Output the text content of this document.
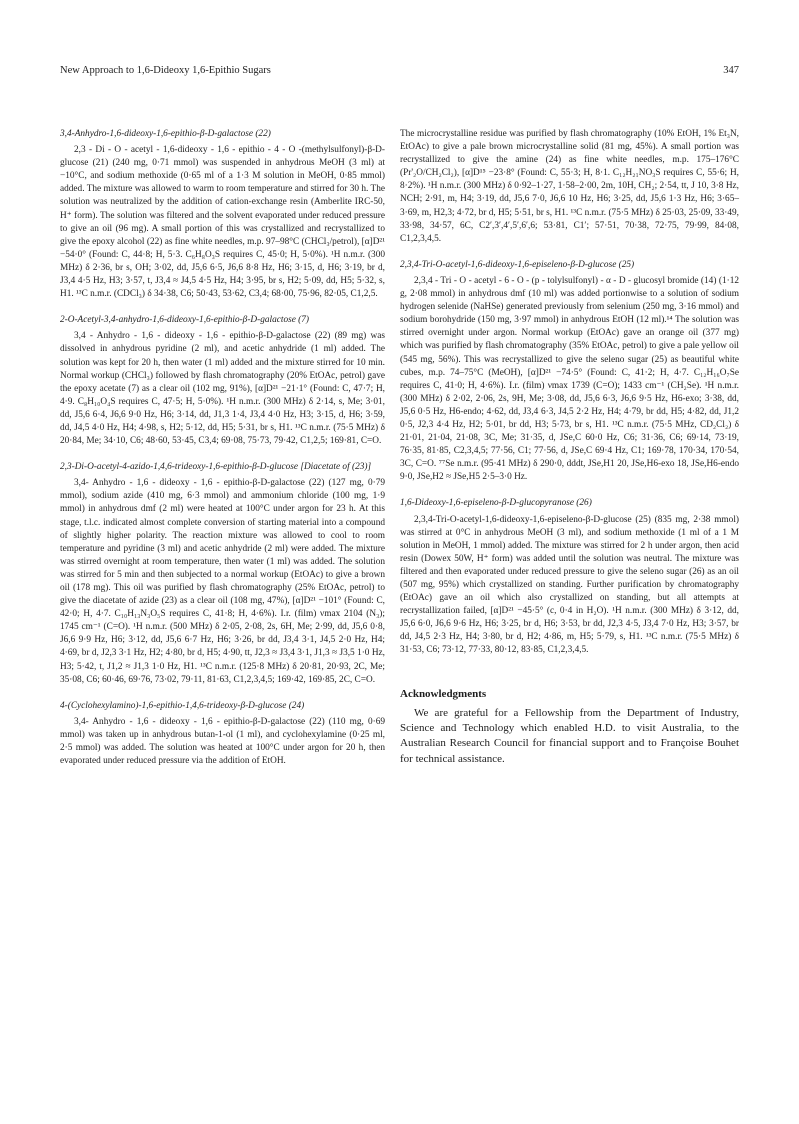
New Approach to 1,6-Dideoxy 1,6-Epithio Sugars	347

3,4-Anhydro-1,6-dideoxy-1,6-epithio-β-D-galactose (22)

2,3 - Di - O - acetyl - 1,6-dideoxy - 1,6 - epithio - 4 - O -(methylsulfonyl)-β-D-glucose (21) (240 mg, 0·71 mmol) was suspended in anhydrous MeOH (3 ml) at −10°C, and sodium methoxide (0·65 ml of a 1·3 M solution in MeOH, 0·85 mmol) added. The mixture was allowed to warm to room temperature and stirred for 30 h. The solution was neutralized by the addition of cation-exchange resin (Amberlite IRC-50, H⁺ form). The solution was filtered and the solvent evaporated under reduced pressure to give an oil (96 mg). A small portion of this was crystallized and recrystallized to give the epoxy alcohol (22) as fine white needles, m.p. 97–98°C (CHCl₃/petrol), [α]D²¹ −54·0° (Found: C, 44·8; H, 5·3. C₆H₈O₃S requires C, 45·0; H, 5·0%). ¹H n.m.r. (300 MHz) δ 2·36, br s, OH; 3·02, dd, J5,6 6·5, J6,6 8·8 Hz, H6; 3·15, d, H6; 3·19, br d, J3,4 4·5 Hz, H3; 3·57, t, J3,4 ≈ J4,5 4·5 Hz, H4; 3·95, br s, H2; 5·09, dd, H5; 5·32, s, H1. ¹³C n.m.r. (CDCl₃) δ 34·38, C6; 50·43, 53·62, C3,4; 68·00, 75·96, 82·05, C1,2,5.

2-O-Acetyl-3,4-anhydro-1,6-dideoxy-1,6-epithio-β-D-galactose (7)

3,4 - Anhydro - 1,6 - dideoxy - 1,6 - epithio-β-D-galactose (22) (89 mg) was dissolved in anhydrous pyridine (2 ml), and acetic anhydride (1 ml) added. The solution was kept for 20 h, then water (1 ml) added and the mixture stirred for 10 min. Normal workup (CHCl₃) followed by flash chromatography (20% EtOAc, petrol) gave the epoxy acetate (7) as a clear oil (102 mg, 91%), [α]D²¹ −21·1° (Found: C, 47·7; H, 4·9. C₈H₁₀O₄S requires C, 47·5; H, 5·0%). ¹H n.m.r. (300 MHz) δ 2·14, s, Me; 3·01, dd, J5,6 6·4, J6,6 9·0 Hz, H6; 3·14, dd, J1,3 1·4, J3,4 4·0 Hz, H3; 3·15, d, H6; 3·59, dd, J4,5 4·0 Hz, H4; 4·98, s, H2; 5·12, dd, H5; 5·31, br s, H1. ¹³C n.m.r. (75·5 MHz) δ 20·84, Me; 34·10, C6; 48·60, 53·45, C3,4; 69·08, 75·73, 79·42, C1,2,5; 169·81, C=O.

2,3-Di-O-acetyl-4-azido-1,4,6-trideoxy-1,6-epithio-β-D-glucose [Diacetate of (23)]

3,4- Anhydro - 1,6 - dideoxy - 1,6 - epithio-β-D-galactose (22) (127 mg, 0·79 mmol), sodium azide (410 mg, 6·3 mmol) and ammonium chloride (100 mg, 1·9 mmol) in anhydrous dmf (2 ml) were heated at 100°C under argon for 23 h. At this stage, t.l.c. indicated almost complete conversion of starting material into a compound of slightly higher polarity. The reaction mixture was allowed to cool to room temperature and pyridine (3 ml) and acetic anhydride (2 ml) were added. The mixture was stirred overnight at room temperature, then water (1 ml) was added. The solution was stirred for 5 min and then subjected to a normal workup (EtOAc) to give a brown oil (178 mg). This oil was purified by flash chromatography (25% EtOAc, petrol) to give the diacetate of azide (23) as a clear oil (108 mg, 47%), [α]D²¹ −101° (Found: C, 42·0; H, 4·7. C₁₀H₁₃N₃O₅S requires C, 41·8; H, 4·6%). I.r. (film) νmax 2104 (N₃); 1745 cm⁻¹ (C=O). ¹H n.m.r. (500 MHz) δ 2·05, 2·08, 2s, 6H, Me; 2·99, dd, J5,6 0·8, J6,6 9·9 Hz, H6; 3·12, dd, J5,6 6·7 Hz, H6; 3·26, br dd, J3,4 3·1, J4,5 2·0 Hz, H4; 4·69, br d, J2,3 3·1 Hz, H2; 4·80, br d, H5; 4·90, tt, J2,3 ≈ J3,4 3·1, J1,3 ≈ J3,5 1·0 Hz, H3; 5·42, t, J1,2 ≈ J1,3 1·0 Hz, H1. ¹³C n.m.r. (125·8 MHz) δ 20·81, 20·93, 2C, Me; 35·08, C6; 60·46, 69·76, 73·02, 79·11, 81·63, C1,2,3,4,5; 169·42, 169·85, 2C, C=O.

4-(Cyclohexylamino)-1,6-epithio-1,4,6-trideoxy-β-D-glucose (24)

3,4- Anhydro - 1,6 - dideoxy - 1,6 - epithio-β-D-galactose (22) (110 mg, 0·69 mmol) was taken up in anhydrous butan-1-ol (1 ml), and cyclohexylamine (0·25 ml, 2·5 mmol) was added. The solution was heated at 100°C under argon for 20 h, then evaporated under reduced pressure via the addition of EtOH.

The microcrystalline residue was purified by flash chromatography (10% EtOH, 1% Et₃N, EtOAc) to give a pale brown microcrystalline solid (81 mg, 45%). A small portion was recrystallized to give the amine (24) as fine white needles, m.p. 175–176°C (Pr'₂O/CH₂Cl₂), [α]D¹⁵ −23·8° (Found: C, 55·3; H, 8·1. C₁₂H₂₁NO₃S requires C, 55·6; H, 8·2%). ¹H n.m.r. (300 MHz) δ 0·92–1·27, 1·58–2·00, 2m, 10H, CH₂; 2·54, tt, J 10, 3·8 Hz, NCH; 2·91, m, H4; 3·19, dd, J5,6 7·0, J6,6 10 Hz, H6; 3·25, dd, J5,6 1·3 Hz, H6; 3·65–3·69, m, H2,3; 4·72, br d, H5; 5·51, br s, H1. ¹³C n.m.r. (75·5 MHz) δ 25·03, 25·09, 33·49, 33·98, 34·57, 6C, C2′,3′,4′,5′,6′,6; 53·81, C1′; 57·51, 70·38, 72·75, 79·99, 84·08, C1,2,3,4,5.

2,3,4-Tri-O-acetyl-1,6-dideoxy-1,6-episeleno-β-D-glucose (25)

2,3,4 - Tri - O - acetyl - 6 - O - (p - tolylsulfonyl) - α - D - glucosyl bromide (14) (1·12 g, 2·08 mmol) in anhydrous dmf (10 ml) was added portionwise to a solution of sodium hydrogen selenide (NaHSe) generated previously from selenium (250 mg, 3·16 mmol) and sodium borohydride (150 mg, 3·97 mmol) in anhydrous EtOH (12 ml).¹⁴ The solution was stirred overnight under argon. Normal workup (EtOAc) gave an orange oil (377 mg) which was purified by flash chromatography (35% EtOAc, petrol) to give a pale yellow oil (545 mg, 56%). This was recrystallized to give the seleno sugar (25) as beautiful white cubes, m.p. 74–75°C (MeOH), [α]D²¹ −74·5° (Found: C, 41·2; H, 4·7. C₁₂H₁₆O₇Se requires C, 41·0; H, 4·6%). I.r. (film) νmax 1739 (C=O); 1433 cm⁻¹ (CH₂Se). ¹H n.m.r. (300 MHz) δ 2·02, 2·06, 2s, 9H, Me; 3·08, dd, J5,6 6·3, J6,6 9·5 Hz, H6-exo; 3·38, dd, J5,6 0·5 Hz, H6-endo; 4·62, dd, J3,4 6·3, J4,5 2·2 Hz, H4; 4·79, br dd, H5; 4·82, dd, J1,2 0·5, J2,3 4·4 Hz, H2; 5·01, br dd, H3; 5·73, br s, H1. ¹³C n.m.r. (75·5 MHz, CD₂Cl₂) δ 21·01, 21·04, 21·08, 3C, Me; 31·35, d, JSe,C 60·0 Hz, C6; 31·36, C6; 69·14, 73·19, 76·35, 81·85, C2,3,4,5; 77·56, C1; 77·56, d, JSe,C 69·4 Hz, C1; 169·78, 170·34, 170·54, 3C, C=O. ⁷⁷Se n.m.r. (95·41 MHz) δ 290·0, dddt, JSe,H1 20, JSe,H6-exo 18, JSe,H6-endo 9·0, JSe,H2 ≈ JSe,H5 2·5–3·0 Hz.

1,6-Dideoxy-1,6-episeleno-β-D-glucopyranose (26)

2,3,4-Tri-O-acetyl-1,6-dideoxy-1,6-episeleno-β-D-glucose (25) (835 mg, 2·38 mmol) was stirred at 0°C in anhydrous MeOH (3 ml), and sodium methoxide (1 ml of a 1 M solution in MeOH, 1 mmol) added. The mixture was stirred for 2 h under argon, then acid resin (Dowex 50W, H⁺ form) was added until the solution was neutral. The mixture was filtered and then evaporated under reduced pressure to give the seleno sugar (26) as an oil (507 mg, 95%) which crystallized on standing. Further purification by chromatography (EtOAc) gave an oil which also crystallized on standing, but all attempts at recrystallization failed, [α]D²¹ −45·5° (c, 0·4 in H₂O). ¹H n.m.r. (300 MHz) δ 3·12, dd, J5,6 6·0, J6,6 9·6 Hz, H6; 3·25, br d, H6; 3·53, br dd, J2,3 4·5, J3,4 7·0 Hz, H3; 3·57, br dd, J4,5 2·3 Hz, H4; 3·80, br d, H2; 4·86, m, H5; 5·79, s, H1. ¹³C n.m.r. (75·5 MHz) δ 31·53, C6; 73·12, 77·33, 80·12, 83·85, C1,2,3,4,5.

Acknowledgments

We are grateful for a Fellowship from the Department of Industry, Science and Technology which enabled H.D. to visit Australia, to the Australian Research Council for financial support and to Françoise Bouhet for technical assistance.
